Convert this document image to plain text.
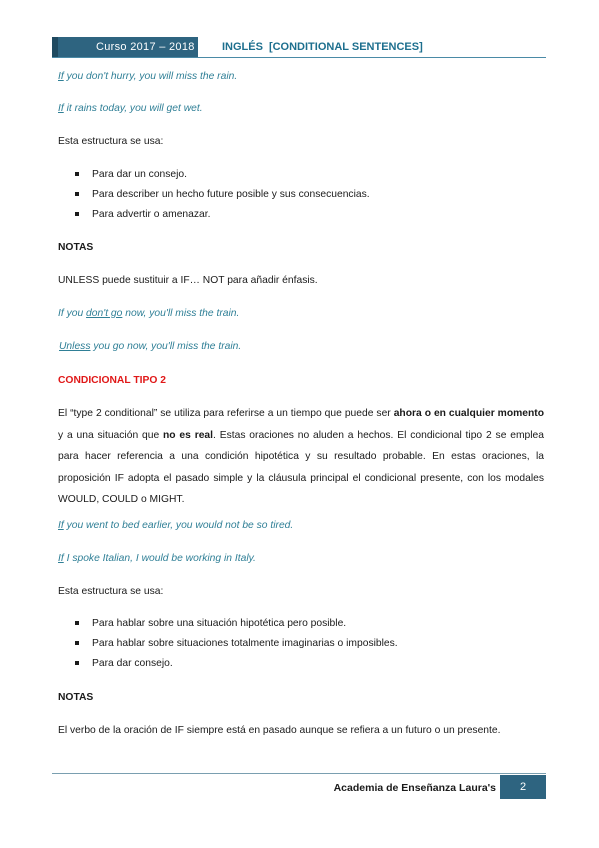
Curso 2017 – 2018	INGLÉS [CONDITIONAL SENTENCES]

If you don't hurry, you will miss the rain.

If it rains today, you will get wet.

Esta estructura se usa:

Para dar un consejo.
Para describer un hecho future posible y sus consecuencias.
Para advertir o amenazar.

NOTAS

UNLESS puede sustituir a IF… NOT para añadir énfasis.

If you don't go now, you'll miss the train.

Unless you go now, you'll miss the train.

CONDICIONAL TIPO 2

El “type 2 conditional” se utiliza para referirse a un tiempo que puede ser ahora o en cualquier momento y a una situación que no es real. Estas oraciones no aluden a hechos. El condicional tipo 2 se emplea para hacer referencia a una condición hipotética y su resultado probable. En estas oraciones, la proposición IF adopta el pasado simple y la cláusula principal el condicional presente, con los modales WOULD, COULD o MIGHT.

If you went to bed earlier, you would not be so tired.

If I spoke Italian, I would be working in Italy.

Esta estructura se usa:

Para hablar sobre una situación hipotética pero posible.
Para hablar sobre situaciones totalmente imaginarias o imposibles.
Para dar consejo.

NOTAS

El verbo de la oración de IF siempre está en pasado aunque se refiera a un futuro o un presente.

Academia de Enseñanza Laura's	2
